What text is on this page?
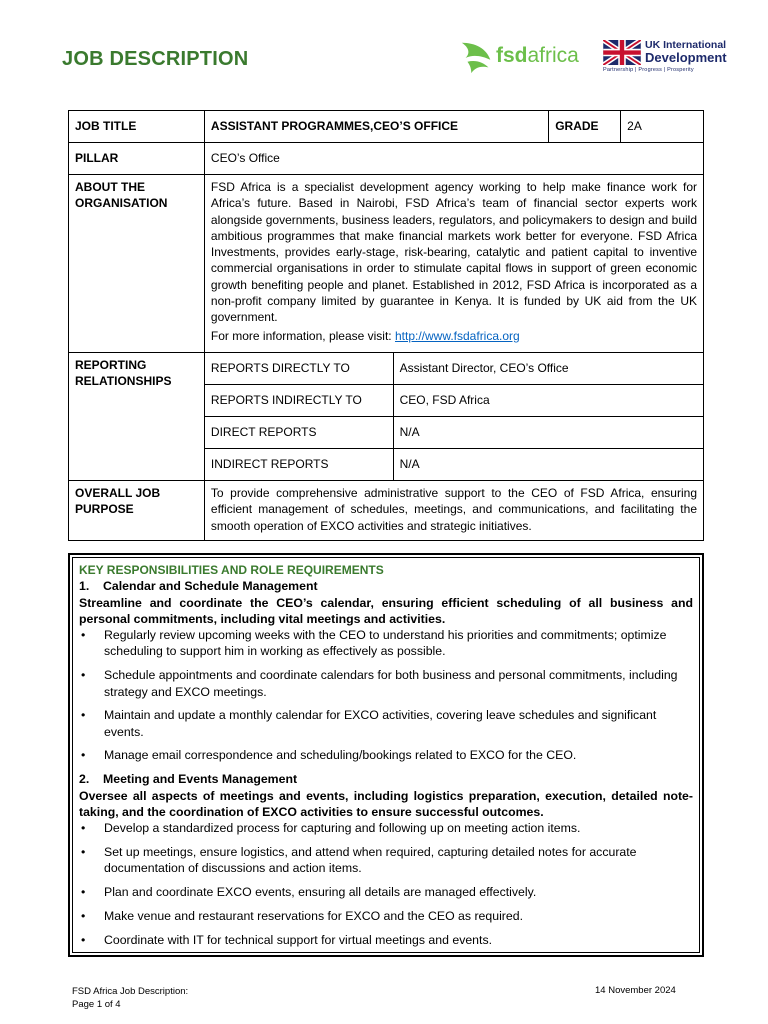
JOB DESCRIPTION	fsdafrica	UK International
Development
Partnership | Progress | Prosperity
JOB TITLE	ASSISTANT PROGRAMMES,CEO’S OFFICE		GRADE	2A
PILLAR	CEO’s Office			
ABOUT THE ORGANISATION	FSD Africa is a specialist development agency working to help make finance work for Africa’s future. Based in Nairobi, FSD Africa’s team of financial sector experts work alongside governments, business leaders, regulators, and policymakers to design and build ambitious programmes that make financial markets work better for everyone. FSD Africa Investments, provides early-stage, risk-bearing, catalytic and patient capital to inventive commercial organisations in order to stimulate capital flows in support of green economic growth benefiting people and planet. Established in 2012, FSD Africa is incorporated as a non-profit company limited by guarantee in Kenya. It is funded by UK aid from the UK government.
For more information, please visit: http://www.fsdafrica.org			

REPORTING RELATIONSHIPS	REPORTS DIRECTLY TO	Assistant Director, CEO’s Office		
	REPORTS INDIRECTLY TO	CEO, FSD Africa		
	DIRECT REPORTS	N/A		
	INDIRECT REPORTS	N/A		
OVERALL JOB PURPOSE	To provide comprehensive administrative support to the CEO of FSD Africa, ensuring efficient management of schedules, meetings, and communications, and facilitating the smooth operation of EXCO activities and strategic initiatives.			
KEY RESPONSIBILITIES AND ROLE REQUIREMENTS
1. Calendar and Schedule Management
Streamline and coordinate the CEO’s calendar, ensuring efficient scheduling of all business and personal commitments, including vital meetings and activities.
• Regularly review upcoming weeks with the CEO to understand his priorities and commitments; optimize scheduling to support him in working as effectively as possible.
• Schedule appointments and coordinate calendars for both business and personal commitments, including strategy and EXCO meetings.
• Maintain and update a monthly calendar for EXCO activities, covering leave schedules and significant events.
• Manage email correspondence and scheduling/bookings related to EXCO for the CEO.
2. Meeting and Events Management
Oversee all aspects of meetings and events, including logistics preparation, execution, detailed note-taking, and the coordination of EXCO activities to ensure successful outcomes.
• Develop a standardized process for capturing and following up on meeting action items.
• Set up meetings, ensure logistics, and attend when required, capturing detailed notes for accurate documentation of discussions and action items.
• Plan and coordinate EXCO events, ensuring all details are managed effectively.
• Make venue and restaurant reservations for EXCO and the CEO as required.
• Coordinate with IT for technical support for virtual meetings and events.
FSD Africa Job Description:
Page 1 of 4
14 November 2024
